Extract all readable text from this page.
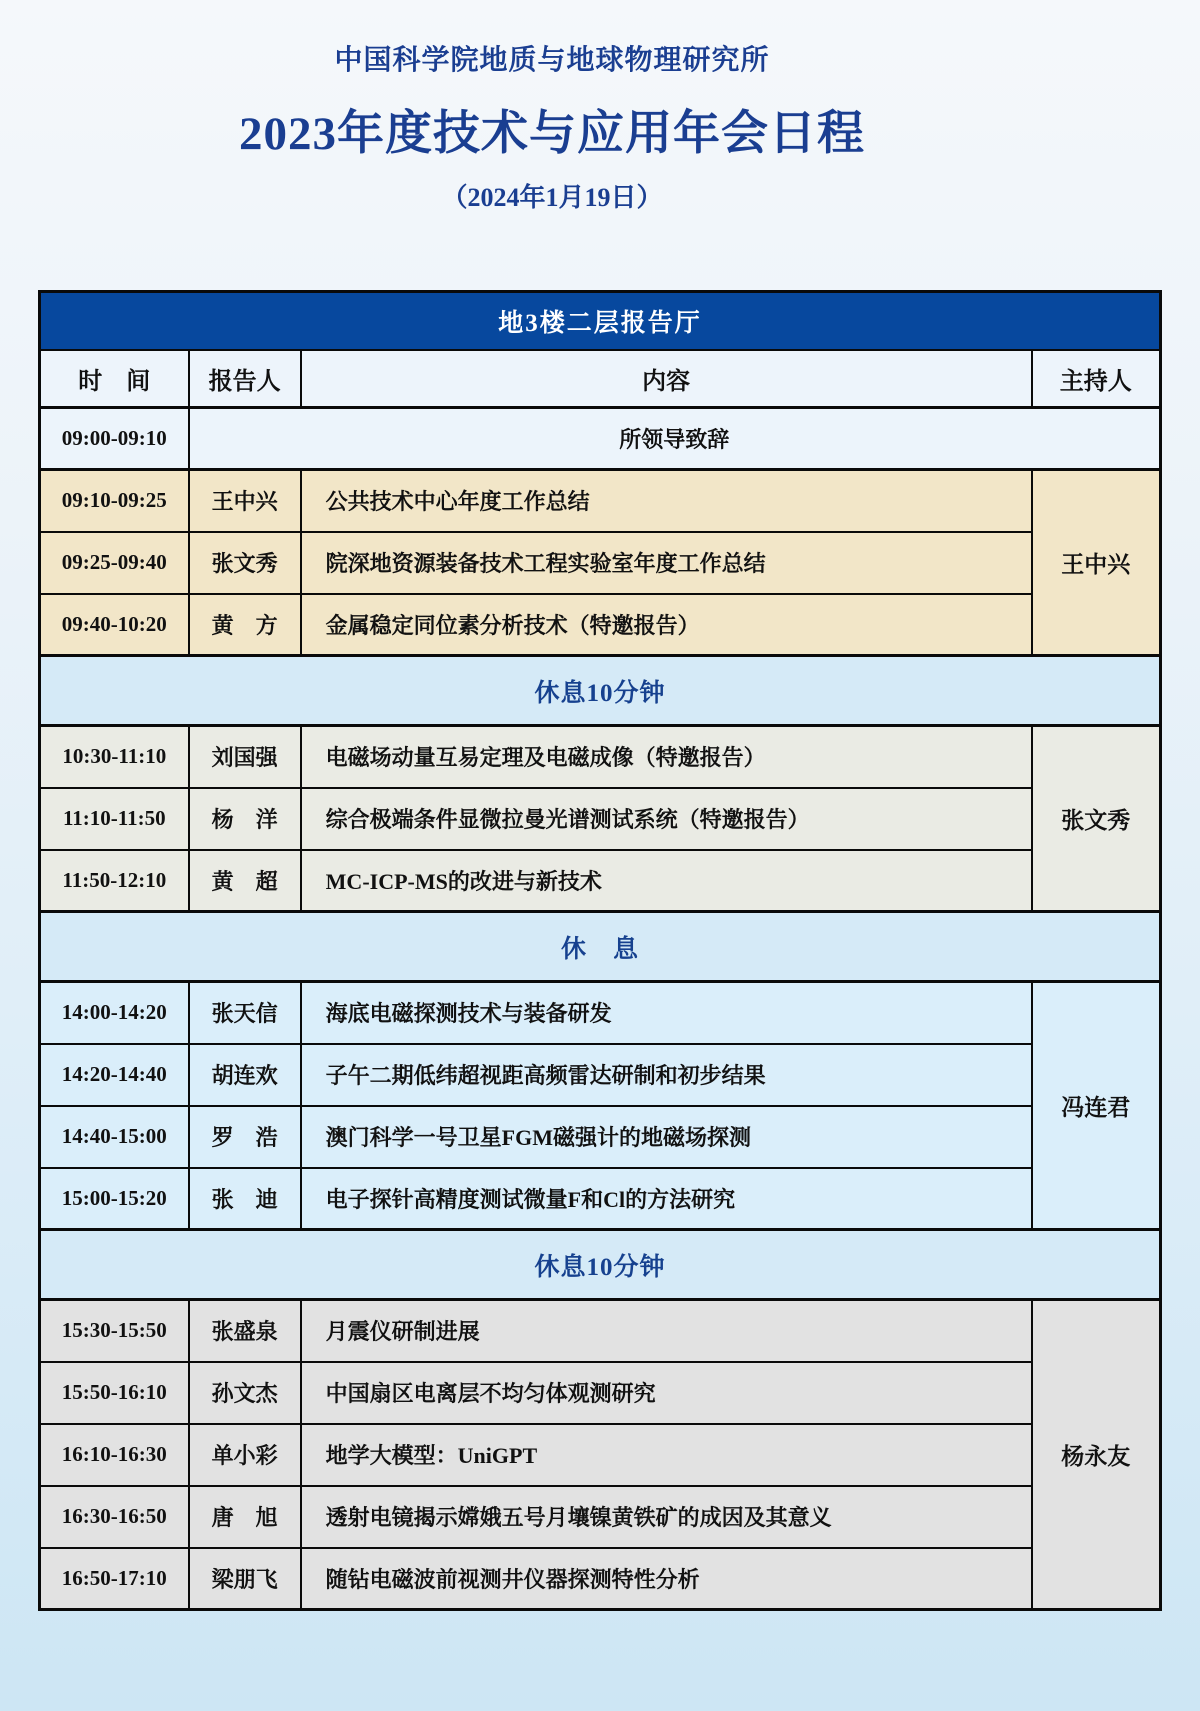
中国科学院地质与地球物理研究所
2023年度技术与应用年会日程
（2024年1月19日）
地3楼二层报告厅			
时　间	报告人	内容	主持人
09:00-09:10	所领导致辞		
09:10-09:25	王中兴	公共技术中心年度工作总结	王中兴
09:25-09:40	张文秀	院深地资源装备技术工程实验室年度工作总结	
09:40-10:20	黄　方	金属稳定同位素分析技术（特邀报告）	
休息10分钟			
10:30-11:10	刘国强	电磁场动量互易定理及电磁成像（特邀报告）	张文秀
11:10-11:50	杨　洋	综合极端条件显微拉曼光谱测试系统（特邀报告）	
11:50-12:10	黄　超	MC-ICP-MS的改进与新技术	
休　息			
14:00-14:20	张天信	海底电磁探测技术与装备研发	冯连君
14:20-14:40	胡连欢	子午二期低纬超视距高频雷达研制和初步结果	
14:40-15:00	罗　浩	澳门科学一号卫星FGM磁强计的地磁场探测	
15:00-15:20	张　迪	电子探针高精度测试微量F和Cl的方法研究	
休息10分钟			
15:30-15:50	张盛泉	月震仪研制进展	杨永友
15:50-16:10	孙文杰	中国扇区电离层不均匀体观测研究	
16:10-16:30	单小彩	地学大模型：UniGPT	
16:30-16:50	唐　旭	透射电镜揭示嫦娥五号月壤镍黄铁矿的成因及其意义	
16:50-17:10	梁朋飞	随钻电磁波前视测井仪器探测特性分析	
